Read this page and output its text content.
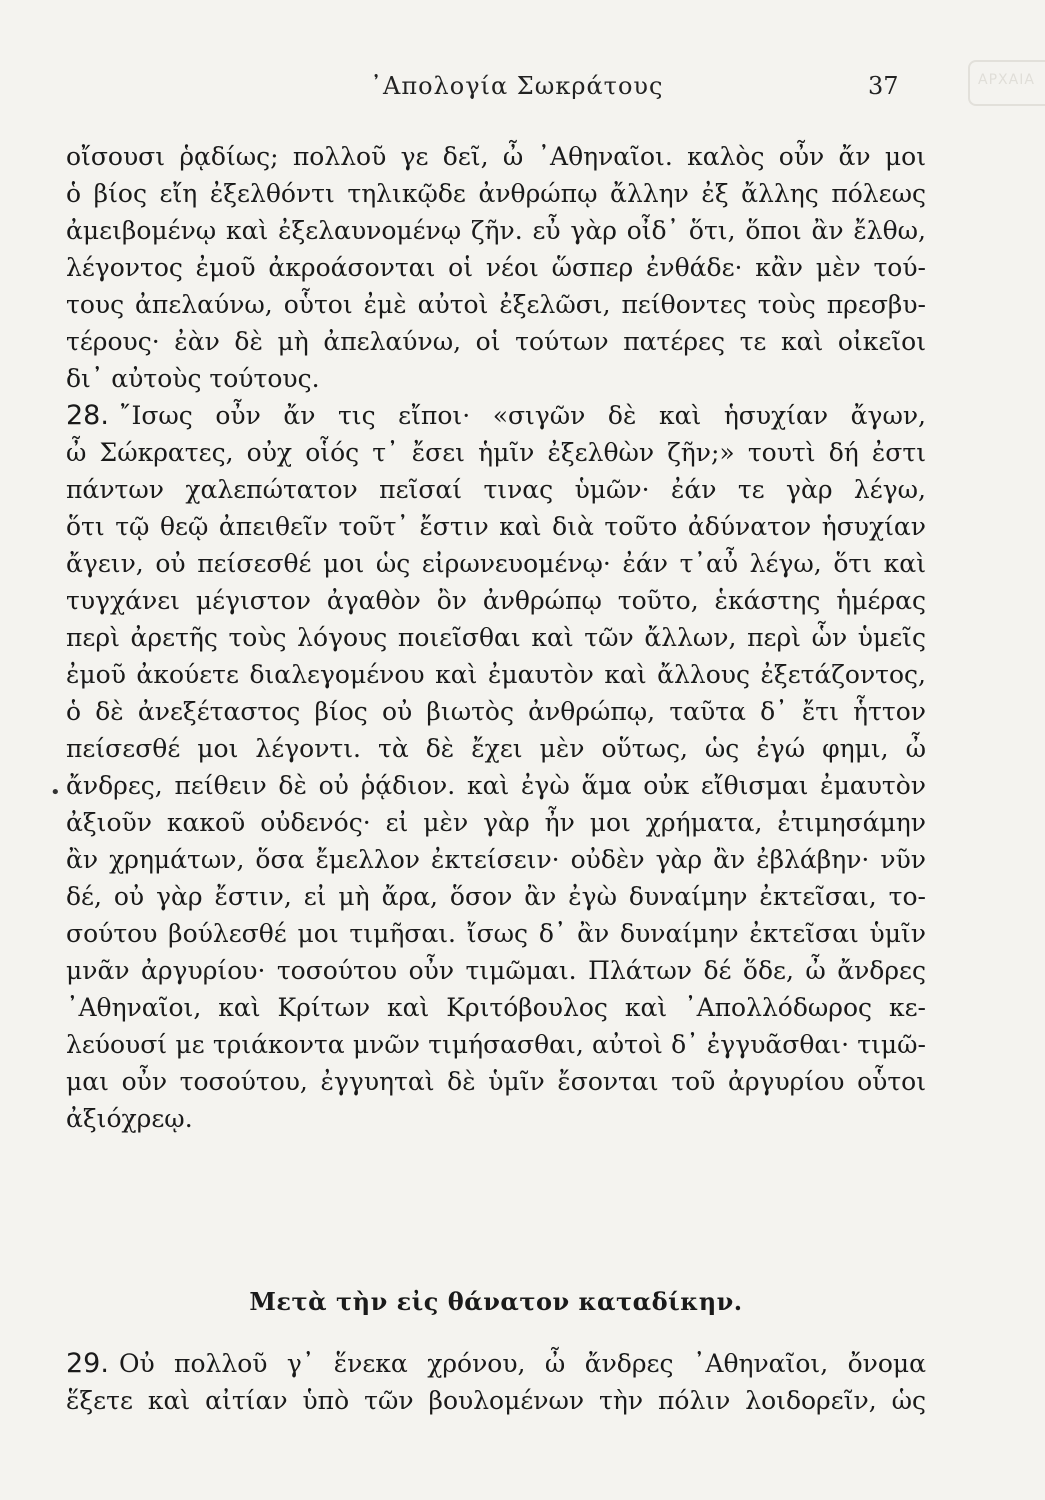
ΑΡΧΑΙΑ
᾿Απολογία Σωκράτους	37
•
οἴσουσι ῥᾳδίως; πολλοῦ γε δεῖ, ὦ ᾿Αθηναῖοι. καλὸς οὖν ἄν μοι
ὁ βίος εἴη ἐξελθόντι τηλικῷδε ἀνθρώπῳ ἄλλην ἐξ ἄλλης πόλεως
ἀμειβομένῳ καὶ ἐξελαυνομένῳ ζῆν. εὖ γὰρ οἶδ᾿ ὅτι, ὅποι ἂν ἔλθω,
λέγοντος ἐμοῦ ἀκροάσονται οἱ νέοι ὥσπερ ἐνθάδε· κἂν μὲν τού-
τους ἀπελαύνω, οὗτοι ἐμὲ αὐτοὶ ἐξελῶσι, πείθοντες τοὺς πρεσβυ-
τέρους· ἐὰν δὲ μὴ ἀπελαύνω, οἱ τούτων πατέρες τε καὶ οἰκεῖοι
δι᾿ αὐτοὺς τούτους.
28. ῎Ισως οὖν ἄν τις εἴποι· «σιγῶν δὲ καὶ ἡσυχίαν ἄγων,
ὦ Σώκρατες, οὐχ οἷός τ᾿ ἔσει ἡμῖν ἐξελθὼν ζῆν;» τουτὶ δή ἐστι
πάντων χαλεπώτατον πεῖσαί τινας ὑμῶν· ἐάν τε γὰρ λέγω,
ὅτι τῷ θεῷ ἀπειθεῖν τοῦτ᾿ ἔστιν καὶ διὰ τοῦτο ἀδύνατον ἡσυχίαν
ἄγειν, οὐ πείσεσθέ μοι ὡς εἰρωνευομένῳ· ἐάν τ᾿αὖ λέγω, ὅτι καὶ
τυγχάνει μέγιστον ἀγαθὸν ὂν ἀνθρώπῳ τοῦτο, ἑκάστης ἡμέρας
περὶ ἀρετῆς τοὺς λόγους ποιεῖσθαι καὶ τῶν ἄλλων, περὶ ὧν ὑμεῖς
ἐμοῦ ἀκούετε διαλεγομένου καὶ ἐμαυτὸν καὶ ἄλλους ἐξετάζοντος,
ὁ δὲ ἀνεξέταστος βίος οὐ βιωτὸς ἀνθρώπῳ, ταῦτα δ᾿ ἔτι ἧττον
πείσεσθέ μοι λέγοντι. τὰ δὲ ἔχει μὲν οὕτως, ὡς ἐγώ φημι, ὦ
ἄνδρες, πείθειν δὲ οὐ ῥᾴδιον. καὶ ἐγὼ ἅμα οὐκ εἴθισμαι ἐμαυτὸν
ἀξιοῦν κακοῦ οὐδενός· εἰ μὲν γὰρ ἦν μοι χρήματα, ἐτιμησάμην
ἂν χρημάτων, ὅσα ἔμελλον ἐκτείσειν· οὐδὲν γὰρ ἂν ἐβλάβην· νῦν
δέ, οὐ γὰρ ἔστιν, εἰ μὴ ἄρα, ὅσον ἂν ἐγὼ δυναίμην ἐκτεῖσαι, το-
σούτου βούλεσθέ μοι τιμῆσαι. ἴσως δ᾿ ἂν δυναίμην ἐκτεῖσαι ὑμῖν
μνᾶν ἀργυρίου· τοσούτου οὖν τιμῶμαι. Πλάτων δέ ὅδε, ὦ ἄνδρες
᾿Αθηναῖοι, καὶ Κρίτων καὶ Κριτόβουλος καὶ ᾿Απολλόδωρος κε-
λεύουσί με τριάκοντα μνῶν τιμήσασθαι, αὐτοὶ δ᾿ ἐγγυᾶσθαι· τιμῶ-
μαι οὖν τοσούτου, ἐγγυηταὶ δὲ ὑμῖν ἔσονται τοῦ ἀργυρίου οὗτοι
ἀξιόχρεῳ.
Μετὰ τὴν εἰς θάνατον καταδίκην.
29. Οὐ πολλοῦ γ᾿ ἕνεκα χρόνου, ὦ ἄνδρες ᾿Αθηναῖοι, ὄνομα
ἕξετε καὶ αἰτίαν ὑπὸ τῶν βουλομένων τὴν πόλιν λοιδορεῖν, ὡς
